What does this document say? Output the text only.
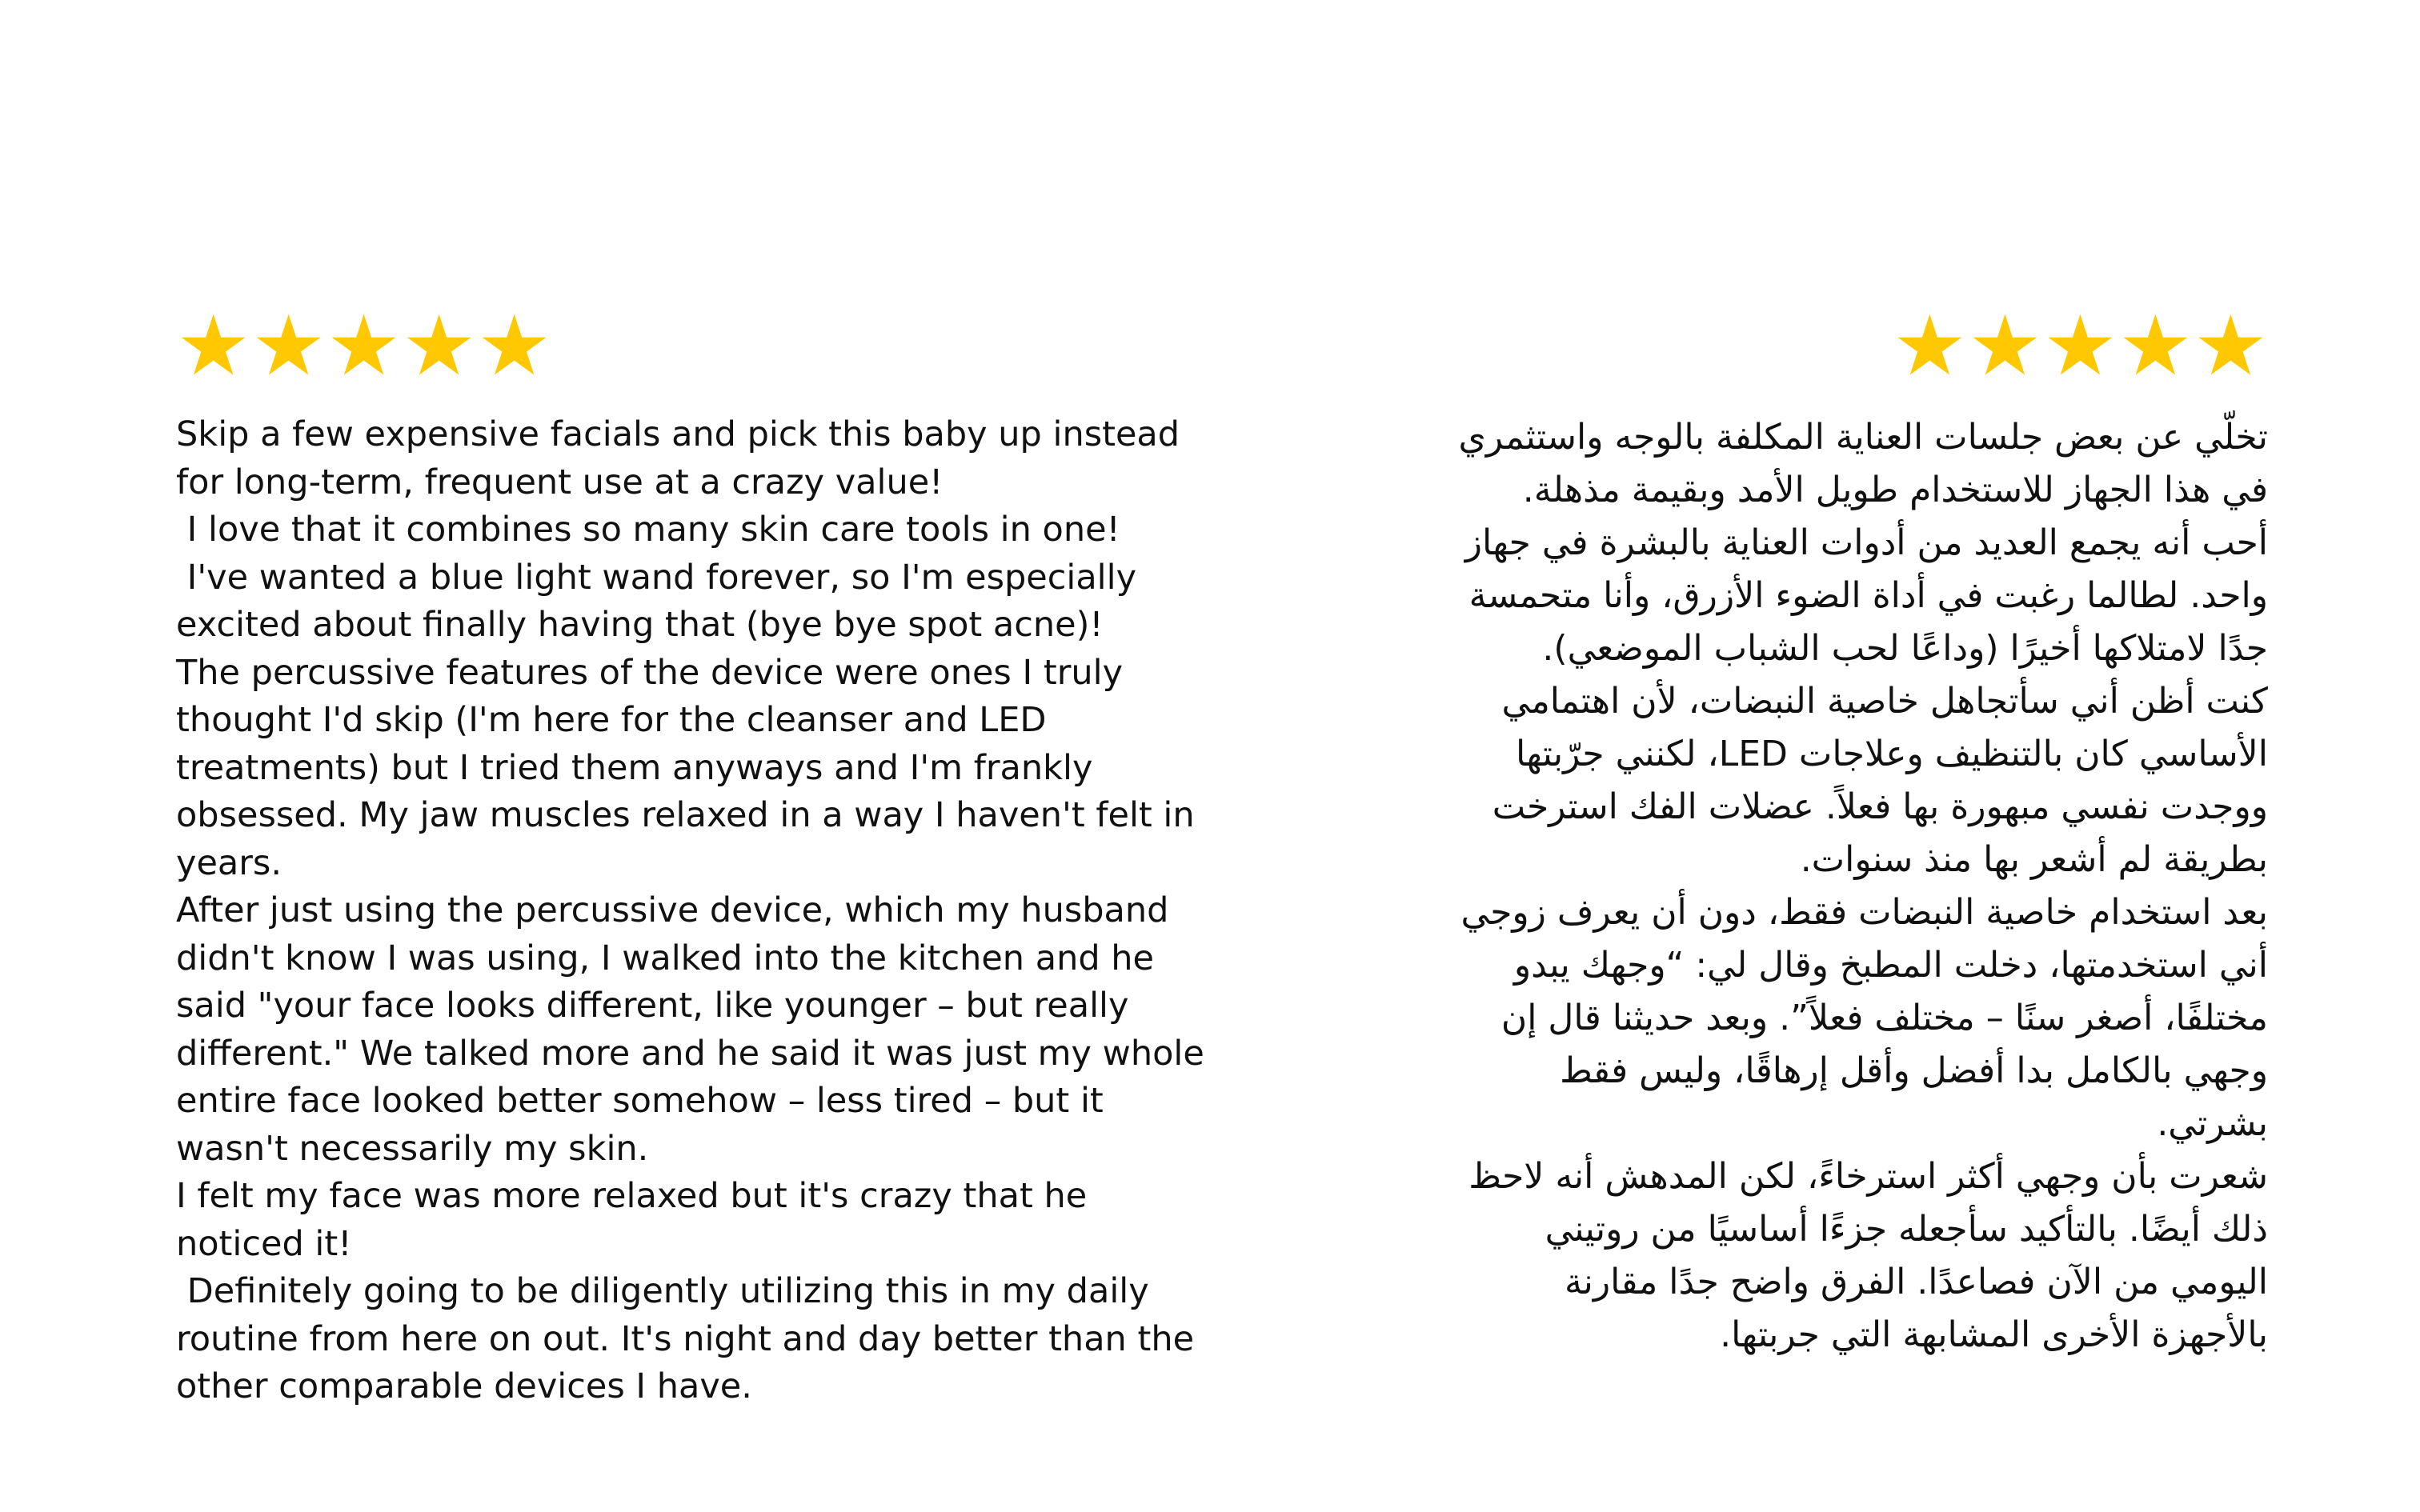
★ ★ ★ ★ ★

Skip a few expensive facials and pick this baby up instead for long-term, frequent use at a crazy value!

I love that it combines so many skin care tools in one!

I've wanted a blue light wand forever, so I'm especially excited about finally having that (bye bye spot acne)!

The percussive features of the device were ones I truly thought I'd skip (I'm here for the cleanser and LED treatments) but I tried them anyways and I'm frankly obsessed. My jaw muscles relaxed in a way I haven't felt in years.

After just using the percussive device, which my husband didn't know I was using, I walked into the kitchen and he said "your face looks different, like younger – but really different." We talked more and he said it was just my whole entire face looked better somehow – less tired – but it wasn't necessarily my skin.

I felt my face was more relaxed but it's crazy that he noticed it!

Definitely going to be diligently utilizing this in my daily routine from here on out. It's night and day better than the other comparable devices I have.

★
★
★
★
★

تخلّي عن بعض جلسات العناية المكلفة بالوجه واستثمري في هذا الجهاز للاستخدام طويل الأمد وبقيمة مذهلة. أحب أنه يجمع العديد من أدوات العناية بالبشرة في جهاز واحد. لطالما رغبت في أداة الضوء الأزرق، وأنا متحمسة جدًا لامتلاكها أخيرًا (وداعًا لحب الشباب الموضعي).

كنت أظن أني سأتجاهل خاصية النبضات، لأن اهتمامي الأساسي كان بالتنظيف وعلاجات LED، لكنني جرّبتها ووجدت نفسي مبهورة بها فعلاً. عضلات الفك استرخت بطريقة لم أشعر بها منذ سنوات.

بعد استخدام خاصية النبضات فقط، دون أن يعرف زوجي أني استخدمتها، دخلت المطبخ وقال لي: “وجهك يبدو مختلفًا، أصغر سنًا – مختلف فعلاً”. وبعد حديثنا قال إن وجهي بالكامل بدا أفضل وأقل إرهاقًا، وليس فقط بشرتي.

شعرت بأن وجهي أكثر استرخاءً، لكن المدهش أنه لاحظ ذلك أيضًا. بالتأكيد سأجعله جزءًا أساسيًا من روتيني اليومي من الآن فصاعدًا. الفرق واضح جدًا مقارنة بالأجهزة الأخرى المشابهة التي جربتها.
